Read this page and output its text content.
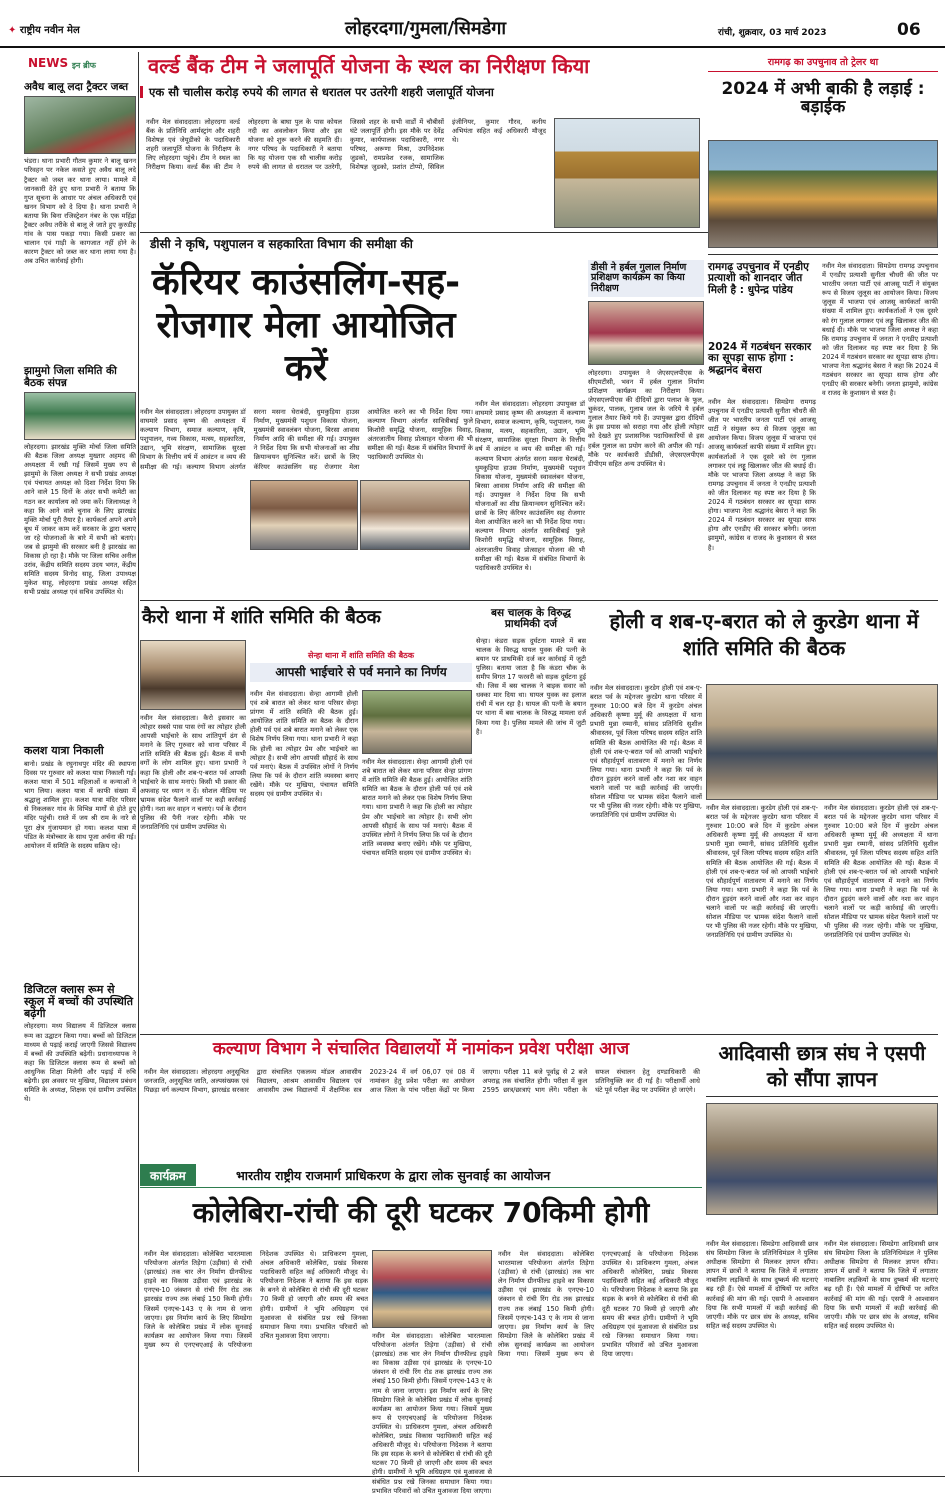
✦ राष्ट्रीय नवीन मेल	लोहरदगा/गुमला/सिमडेगा	रांची, शुक्रवार, 03 मार्च 2023	06
NEWS इन ब्रीफ
अवैध बालू लदा ट्रैक्टर जब्त
भंडरा। थाना प्रभारी गौतम कुमार ने बालू खनन परिवहन पर नकेल कसते हुए अवैध बालू लदे ट्रैक्टर को जब्त कर थाना लाया। मामले में जानकारी देते हुए थाना प्रभारी ने बताया कि गुप्त सूचना के आधार पर अंचल अधिकारी एवं खनन विभाग को दे दिया है। थाना प्रभारी ने बताया कि बिना रजिस्ट्रेशन नंबर के एक महिंद्रा ट्रैक्टर अवैध तरीके से बालू ले जाते हुए कुरुडीह गांव के पास पकड़ा गया। किसी प्रकार का चालान एवं गाड़ी के कागजात नहीं होने के कारण ट्रैक्टर को जब्त कर थाना लाया गया है। अब उचित कार्रवाई होगी।
झामुमो जिला समिति की बैठक संपन्न
लोहरदगा। झारखंड मुक्ति मोर्चा जिला समिति की बैठक जिला अध्यक्ष मुख्तार अहमद की अध्यक्षता में रखी गई जिसमें मुख्य रुप से झामुमो के जिला अध्यक्ष ने सभी प्रखंड अध्यक्ष एवं पंचायत अध्यक्ष को दिशा निर्देश दिया कि आने वाले 15 दिनों के अंदर सभी कमेटी का गठन कर कार्यालय को जमा करें। जिलाध्यक्ष ने कहा कि आने वाले चुनाव के लिए झारखंड मुक्ति मोर्चा पूरी तैयार है। कार्यकर्ता अपने अपने बूथ में जाकर काम करें सरकार के द्वारा चलाए जा रहे योजनाओं के बारे में सभी को बताएं। जब से झामुमो की सरकार बनी है झारखंड का विकास हो रहा है। मौके पर जिला सचिव अनील उरांव, केंद्रीय समिति सदस्य उदय भगत, केंद्रीय समिति सदस्य विनोद साहू, जिला उपाध्यक्ष मुकेश साहू, लोहरदगा प्रखंड अध्यक्ष सहित सभी प्रखंड अध्यक्ष एवं सचिव उपस्थित थे।
कलश यात्रा निकाली
बानो। प्रखंड के रघुनाथपुर मंदिर की स्थापना दिवस पर गुरुवार को कलश यात्रा निकाली गई। कलश यात्रा में 501 महिलाओं व कन्याओं ने भाग लिया। कलश यात्रा में काफी संख्या में श्रद्धालु शामिल हुए। कलश यात्रा मंदिर परिसर से निकलकर गांव के विभिन्न मार्गों से होते हुए मंदिर पहुंची। रास्ते में जय श्री राम के नारे से पूरा क्षेत्र गुंजायमान हो गया। कलश यात्रा में पंडित के मंत्रोच्चार के साथ पूजा अर्चना की गई। आयोजन में समिति के सदस्य सक्रिय रहे।
डिजिटल क्लास रूम से स्कूल में बच्चों की उपस्थिति बढ़ेगी
लोहरदगा। मध्य विद्यालय में डिजिटल क्लास रूम का उद्घाटन किया गया। बच्चों को डिजिटल माध्यम से पढ़ाई कराई जाएगी जिससे विद्यालय में बच्चों की उपस्थिति बढ़ेगी। प्रधानाध्यापक ने कहा कि डिजिटल क्लास रूम से बच्चों को आधुनिक शिक्षा मिलेगी और पढ़ाई में रुचि बढ़ेगी। इस अवसर पर मुखिया, विद्यालय प्रबंधन समिति के अध्यक्ष, शिक्षक एवं ग्रामीण उपस्थित थे।
वर्ल्ड बैंक टीम ने जलापूर्ति योजना के स्थल का निरीक्षण किया
एक सौ चालीस करोड़ रुपये की लागत से धरातल पर उतरेगी शहरी जलापूर्ति योजना
नवीन मेल संवाददाता। लोहरदगा वर्ल्ड बैंक के प्रतिनिधि आर्मस्ट्रांग और शहरी विशेषज्ञ एवं जेयूडीको के पदाधिकारी शहरी जलापूर्ति योजना के निरीक्षण के लिए लोहरदगा पहुंचे। टीम ने स्थल का निरीक्षण किया। वर्ल्ड बैंक की टीम ने लोहरदगा के बाघा पुल के पास कोयल नदी का अवलोकन किया और इस योजना को शुरू करने की सहमति दी। नगर परिषद के पदाधिकारी ने बताया कि यह योजना एक सौ चालीस करोड़ रुपये की लागत से धरातल पर उतरेगी, जिससे शहर के सभी वार्डों में चौबीसों घंटे जलापूर्ति होगी। इस मौके पर देवेंद्र कुमार, कार्यपालक पदाधिकारी, नगर परिषद, अरूणा मिश्रा, उपनिदेशक जुडको, रामप्रवेश रजक, सामाजिक विशेषज्ञ जुडको, प्रशांत टोप्पो, सिविल इंजीनियर, कुमार गौरव, कनीय अभियंता सहित कई अधिकारी मौजूद थे।
रामगढ़ का उपचुनाव तो ट्रेलर था
2024 में अभी बाकी है लड़ाई : बड़ाईक
डीसी ने कृषि, पशुपालन व सहकारिता विभाग की समीक्षा की
कॅरियर काउंसलिंग-सह-रोजगार मेला आयोजित करें
नवीन मेल संवाददाता। लोहरदगा उपायुक्त डॉ वाघमारे प्रसाद कृष्ण की अध्यक्षता में कल्याण विभाग, समाज कल्याण, कृषि, पशुपालन, गव्य विकास, मत्स्य, सहकारिता, उद्यान, भूमि संरक्षण, सामाजिक सुरक्षा विभाग के वित्तीय वर्ष में आवंटन व व्यय की समीक्षा की गई। कल्याण विभाग अंतर्गत सरना मसना घेराबंदी, धुमकुड़िया हाउस निर्माण, मुख्यमंत्री पशुधन विकास योजना, मुख्यमंत्री स्वावलंबन योजना, बिरसा आवास निर्माण आदि की समीक्षा की गई। उपायुक्त ने निर्देश दिया कि सभी योजनाओं का शीघ्र क्रियान्वयन सुनिश्चित करें। छात्रों के लिए कॅरियर काउंसलिंग सह रोजगार मेला आयोजित करने का भी निर्देश दिया गया। कल्याण विभाग अंतर्गत सावित्रीबाई फुले किशोरी समृद्धि योजना, सामूहिक विवाह, अंतरजातीय विवाह प्रोत्साहन योजना की भी समीक्षा की गई। बैठक में संबंधित विभागों के पदाधिकारी उपस्थित थे।
नवीन मेल संवाददाता। लोहरदगा उपायुक्त डॉ वाघमारे प्रसाद कृष्ण की अध्यक्षता में कल्याण विभाग, समाज कल्याण, कृषि, पशुपालन, गव्य विकास, मत्स्य, सहकारिता, उद्यान, भूमि संरक्षण, सामाजिक सुरक्षा विभाग के वित्तीय वर्ष में आवंटन व व्यय की समीक्षा की गई। कल्याण विभाग अंतर्गत सरना मसना घेराबंदी, धुमकुड़िया हाउस निर्माण, मुख्यमंत्री पशुधन विकास योजना, मुख्यमंत्री स्वावलंबन योजना, बिरसा आवास निर्माण आदि की समीक्षा की गई। उपायुक्त ने निर्देश दिया कि सभी योजनाओं का शीघ्र क्रियान्वयन सुनिश्चित करें। छात्रों के लिए कॅरियर काउंसलिंग सह रोजगार मेला आयोजित करने का भी निर्देश दिया गया। कल्याण विभाग अंतर्गत सावित्रीबाई फुले किशोरी समृद्धि योजना, सामूहिक विवाह, अंतरजातीय विवाह प्रोत्साहन योजना की भी समीक्षा की गई। बैठक में संबंधित विभागों के पदाधिकारी उपस्थित थे।
डीसी ने हर्बल गुलाल निर्माण प्रशिक्षण कार्यक्रम का किया निरीक्षण
लोहरदगा। उपायुक्त ने जेएसएलपीएस के सीएमटीसी, भवन में हर्बल गुलाल निर्माण प्रशिक्षण कार्यक्रम का निरीक्षण किया। जेएसएलपीएस की दीदियों द्वारा पलाश के फूल, चुकंदर, पालक, गुलाब जल के जरिये ये हर्बल गुलाल तैयार किये गये हैं। उपायुक्त द्वारा दीदियों के इस प्रयास को सराहा गया और होली त्योहार को देखते हुए प्रशासनिक पदाधिकारियों से इस हर्बल गुलाल का प्रयोग करने की अपील की गई। मौके पर कार्यकारी डीडीसी, जेएसएलपीएस डीपीएम सहित अन्य उपस्थित थे।
रामगढ़ उपचुनाव में एनडीए प्रत्याशी को शानदार जीत मिली है : धुपेन्द्र पांडेय
2024 में गठबंधन सरकार का सूपड़ा साफ होगा : श्रद्धानंद बेसरा
नवीन मेल संवाददाता। सिमडेगा रामगढ़ उपचुनाव में एनडीए प्रत्याशी सुनीता चौधरी की जीत पर भारतीय जनता पार्टी एवं आजसू पार्टी ने संयुक्त रूप से विजय जुलूस का आयोजन किया। विजय जुलूस में भाजपा एवं आजसू कार्यकर्ता काफी संख्या में शामिल हुए। कार्यकर्ताओं ने एक दूसरे को रंग गुलाल लगाकर एवं लड्डू खिलाकर जीत की बधाई दी। मौके पर भाजपा जिला अध्यक्ष ने कहा कि रामगढ़ उपचुनाव में जनता ने एनडीए प्रत्याशी को जीत दिलाकर यह स्पष्ट कर दिया है कि 2024 में गठबंधन सरकार का सूपड़ा साफ होगा। भाजपा नेता श्रद्धानंद बेसरा ने कहा कि 2024 में गठबंधन सरकार का सूपड़ा साफ होगा और एनडीए की सरकार बनेगी। जनता झामुमो, कांग्रेस व राजद के कुशासन से त्रस्त है।
नवीन मेल संवाददाता। सिमडेगा रामगढ़ उपचुनाव में एनडीए प्रत्याशी सुनीता चौधरी की जीत पर भारतीय जनता पार्टी एवं आजसू पार्टी ने संयुक्त रूप से विजय जुलूस का आयोजन किया। विजय जुलूस में भाजपा एवं आजसू कार्यकर्ता काफी संख्या में शामिल हुए। कार्यकर्ताओं ने एक दूसरे को रंग गुलाल लगाकर एवं लड्डू खिलाकर जीत की बधाई दी। मौके पर भाजपा जिला अध्यक्ष ने कहा कि रामगढ़ उपचुनाव में जनता ने एनडीए प्रत्याशी को जीत दिलाकर यह स्पष्ट कर दिया है कि 2024 में गठबंधन सरकार का सूपड़ा साफ होगा। भाजपा नेता श्रद्धानंद बेसरा ने कहा कि 2024 में गठबंधन सरकार का सूपड़ा साफ होगा और एनडीए की सरकार बनेगी। जनता झामुमो, कांग्रेस व राजद के कुशासन से त्रस्त है।
कैरो थाना में शांति समिति की बैठक
नवीन मेल संवाददाता। कैरो इसवार का त्योहार सबसे पास पास रंगों का त्योहार होली आपसी भाईचारे के साथ शांतिपूर्ण ढंग से मनाने के लिए गुरुवार को थाना परिसर में शांति समिति की बैठक हुई। बैठक में सभी वर्गों के लोग शामिल हुए। थाना प्रभारी ने कहा कि होली और शब-ए-बरात पर्व आपसी भाईचारे के साथ मनाएं। किसी भी प्रकार की अफवाह पर ध्यान न दें। सोशल मीडिया पर भ्रामक संदेश फैलाने वालों पर कड़ी कार्रवाई होगी। नशा कर वाहन न चलाएं। पर्व के दौरान पुलिस की पैनी नजर रहेगी। मौके पर जनप्रतिनिधि एवं ग्रामीण उपस्थित थे।
सेन्हा थाना में शांति समिति की बैठक
आपसी भाईचारे से पर्व मनाने का निर्णय
नवीन मेल संवाददाता। सेन्हा आगामी होली एवं शबे बारात को लेकर थाना परिसर सेन्हा प्रांगण में शांति समिति की बैठक हुई। आयोजित शांति समिति का बैठक के दौरान होली पर्व एवं शबे बारात मनाने को लेकर एक विशेष निर्णय लिया गया। थाना प्रभारी ने कहा कि होली का त्योहार प्रेम और भाईचारे का त्योहार है। सभी लोग आपसी सौहार्द के साथ पर्व मनाएं। बैठक में उपस्थित लोगों ने निर्णय लिया कि पर्व के दौरान शांति व्यवस्था बनाए रखेंगे। मौके पर मुखिया, पंचायत समिति सदस्य एवं ग्रामीण उपस्थित थे।
नवीन मेल संवाददाता। सेन्हा आगामी होली एवं शबे बारात को लेकर थाना परिसर सेन्हा प्रांगण में शांति समिति की बैठक हुई। आयोजित शांति समिति का बैठक के दौरान होली पर्व एवं शबे बारात मनाने को लेकर एक विशेष निर्णय लिया गया। थाना प्रभारी ने कहा कि होली का त्योहार प्रेम और भाईचारे का त्योहार है। सभी लोग आपसी सौहार्द के साथ पर्व मनाएं। बैठक में उपस्थित लोगों ने निर्णय लिया कि पर्व के दौरान शांति व्यवस्था बनाए रखेंगे। मौके पर मुखिया, पंचायत समिति सदस्य एवं ग्रामीण उपस्थित थे।
बस चालक के विरुद्ध प्राथमिकी दर्ज
सेन्हा। कंडरा सड़क दुर्घटना मामले में बस चालक के विरुद्ध घायल युवक की पत्नी के बयान पर प्राथमिकी दर्ज कर कार्रवाई में जुटी पुलिस। बताया जाता है कि कंडरा चौक के समीप विगत 17 फरवरी को सड़क दुर्घटना हुई थी। जिस में बस चालक ने बाइक सवार को धक्का मार दिया था। घायल युवक का इलाज रांची में चल रहा है। घायल की पत्नी के बयान पर थाना में बस चालक के विरुद्ध मामला दर्ज किया गया है। पुलिस मामले की जांच में जुटी है।
होली व शब-ए-बरात को ले कुरडेग थाना में शांति समिति की बैठक
नवीन मेल संवाददाता। कुरडेग होली एवं शब-ए-बरात पर्व के मद्देनजर कुरडेग थाना परिसर में गुरुवार 10:00 बजे दिन में कुरडेग अंचल अधिकारी कृष्णा मुर्मू की अध्यक्षता में थाना प्रभारी मुन्ना रम्मानी, सांसद प्रतिनिधि सुशील श्रीवास्तव, पूर्व जिला परिषद सदस्य सहित शांति समिति की बैठक आयोजित की गई। बैठक में होली एवं शब-ए-बरात पर्व को आपसी भाईचारे एवं सौहार्दपूर्ण वातावरण में मनाने का निर्णय लिया गया। थाना प्रभारी ने कहा कि पर्व के दौरान हुड़दंग करने वालों और नशा कर वाहन चलाने वालों पर कड़ी कार्रवाई की जाएगी। सोशल मीडिया पर भ्रामक संदेश फैलाने वालों पर भी पुलिस की नजर रहेगी। मौके पर मुखिया, जनप्रतिनिधि एवं ग्रामीण उपस्थित थे।
नवीन मेल संवाददाता। कुरडेग होली एवं शब-ए-बरात पर्व के मद्देनजर कुरडेग थाना परिसर में गुरुवार 10:00 बजे दिन में कुरडेग अंचल अधिकारी कृष्णा मुर्मू की अध्यक्षता में थाना प्रभारी मुन्ना रम्मानी, सांसद प्रतिनिधि सुशील श्रीवास्तव, पूर्व जिला परिषद सदस्य सहित शांति समिति की बैठक आयोजित की गई। बैठक में होली एवं शब-ए-बरात पर्व को आपसी भाईचारे एवं सौहार्दपूर्ण वातावरण में मनाने का निर्णय लिया गया। थाना प्रभारी ने कहा कि पर्व के दौरान हुड़दंग करने वालों और नशा कर वाहन चलाने वालों पर कड़ी कार्रवाई की जाएगी। सोशल मीडिया पर भ्रामक संदेश फैलाने वालों पर भी पुलिस की नजर रहेगी। मौके पर मुखिया, जनप्रतिनिधि एवं ग्रामीण उपस्थित थे।
नवीन मेल संवाददाता। कुरडेग होली एवं शब-ए-बरात पर्व के मद्देनजर कुरडेग थाना परिसर में गुरुवार 10:00 बजे दिन में कुरडेग अंचल अधिकारी कृष्णा मुर्मू की अध्यक्षता में थाना प्रभारी मुन्ना रम्मानी, सांसद प्रतिनिधि सुशील श्रीवास्तव, पूर्व जिला परिषद सदस्य सहित शांति समिति की बैठक आयोजित की गई। बैठक में होली एवं शब-ए-बरात पर्व को आपसी भाईचारे एवं सौहार्दपूर्ण वातावरण में मनाने का निर्णय लिया गया। थाना प्रभारी ने कहा कि पर्व के दौरान हुड़दंग करने वालों और नशा कर वाहन चलाने वालों पर कड़ी कार्रवाई की जाएगी। सोशल मीडिया पर भ्रामक संदेश फैलाने वालों पर भी पुलिस की नजर रहेगी। मौके पर मुखिया, जनप्रतिनिधि एवं ग्रामीण उपस्थित थे।
कल्याण विभाग ने संचालित विद्यालयों में नामांकन प्रवेश परीक्षा आज
नवीन मेल संवाददाता। लोहरदगा अनुसूचित जनजाति, अनुसूचित जाति, अल्पसंख्यक एवं पिछड़ा वर्ग कल्याण विभाग, झारखंड सरकार द्वारा संचालित एकलव्य मॉडल आवासीय विद्यालय, आश्रम आवासीय विद्यालय एवं आवासीय उच्च विद्यालयों में शैक्षणिक सत्र 2023-24 में वर्ग 06,07 एवं 08 में नामांकन हेतु प्रवेश परीक्षा का आयोजन आज जिला के पांच परीक्षा केंद्रों पर किया जाएगा। परीक्षा 11 बजे पूर्वाह्न से 2 बजे अपराह्न तक संचालित होगी। परीक्षा में कुल 2595 छात्र/छात्राएं भाग लेंगे। परीक्षा के सफल संचालन हेतु दण्डाधिकारी की प्रतिनियुक्ति कर दी गई है। परीक्षार्थी आधे घंटे पूर्व परीक्षा केंद्र पर उपस्थित हो जाएंगे।
आदिवासी छात्र संघ ने एसपी को सौंपा ज्ञापन
नवीन मेल संवाददाता। सिमडेगा आदिवासी छात्र संघ सिमडेगा जिला के प्रतिनिधिमंडल ने पुलिस अधीक्षक सिमडेगा से मिलकर ज्ञापन सौंपा। ज्ञापन में छात्रों ने बताया कि जिले में लगातार नाबालिग लड़कियों के साथ दुष्कर्म की घटनाएं बढ़ रही हैं। ऐसे मामलों में दोषियों पर त्वरित कार्रवाई की मांग की गई। एसपी ने आश्वासन दिया कि सभी मामलों में कड़ी कार्रवाई की जाएगी। मौके पर छात्र संघ के अध्यक्ष, सचिव सहित कई सदस्य उपस्थित थे।
नवीन मेल संवाददाता। सिमडेगा आदिवासी छात्र संघ सिमडेगा जिला के प्रतिनिधिमंडल ने पुलिस अधीक्षक सिमडेगा से मिलकर ज्ञापन सौंपा। ज्ञापन में छात्रों ने बताया कि जिले में लगातार नाबालिग लड़कियों के साथ दुष्कर्म की घटनाएं बढ़ रही हैं। ऐसे मामलों में दोषियों पर त्वरित कार्रवाई की मांग की गई। एसपी ने आश्वासन दिया कि सभी मामलों में कड़ी कार्रवाई की जाएगी। मौके पर छात्र संघ के अध्यक्ष, सचिव सहित कई सदस्य उपस्थित थे।
कार्यक्रम	भारतीय राष्ट्रीय राजमार्ग प्राधिकरण के द्वारा लोक सुनवाई का आयोजन
कोलेबिरा-रांची की दूरी घटकर 70किमी होगी
नवीन मेल संवाददाता। कोलेबिरा भारतमाला परियोजना अंतर्गत तिड़ेगा (उड़ीसा) से रांची (झारखंड) तक चार लेन निर्माण ग्रीनफील्ड हाइवे का विकास उड़ीसा एवं झारखंड के एनएच-10 जंक्शन से रांची रिंग रोड तक झारखंड राज्य तक लंबाई 150 किमी होगी। जिसमें एनएच-143 ए के नाम से जाना जाएगा। इस निर्माण कार्य के लिए सिमडेगा जिले के कोलेबिरा प्रखंड में लोक सुनवाई कार्यक्रम का आयोजन किया गया। जिसमें मुख्य रूप से एनएचएआई के परियोजना निदेशक उपस्थित थे। प्राधिकरण गुमला, अंचल अधिकारी कोलेबिरा, प्रखंड विकास पदाधिकारी सहित कई अधिकारी मौजूद थे। परियोजना निदेशक ने बताया कि इस सड़क के बनने से कोलेबिरा से रांची की दूरी घटकर 70 किमी हो जाएगी और समय की बचत होगी। ग्रामीणों ने भूमि अधिग्रहण एवं मुआवजा से संबंधित प्रश्न रखे जिनका समाधान किया गया। प्रभावित परिवारों को उचित मुआवजा दिया जाएगा।	नवीन मेल संवाददाता। कोलेबिरा भारतमाला परियोजना अंतर्गत तिड़ेगा (उड़ीसा) से रांची (झारखंड) तक चार लेन निर्माण ग्रीनफील्ड हाइवे का विकास उड़ीसा एवं झारखंड के एनएच-10 जंक्शन से रांची रिंग रोड तक झारखंड राज्य तक लंबाई 150 किमी होगी। जिसमें एनएच-143 ए के नाम से जाना जाएगा। इस निर्माण कार्य के लिए सिमडेगा जिले के कोलेबिरा प्रखंड में लोक सुनवाई कार्यक्रम का आयोजन किया गया। जिसमें मुख्य रूप से एनएचएआई के परियोजना निदेशक उपस्थित थे। प्राधिकरण गुमला, अंचल अधिकारी कोलेबिरा, प्रखंड विकास पदाधिकारी सहित कई अधिकारी मौजूद थे। परियोजना निदेशक ने बताया कि इस सड़क के बनने से कोलेबिरा से रांची की दूरी घटकर 70 किमी हो जाएगी और समय की बचत होगी। ग्रामीणों ने भूमि अधिग्रहण एवं मुआवजा से संबंधित प्रश्न रखे जिनका समाधान किया गया। प्रभावित परिवारों को उचित मुआवजा दिया जाएगा।
नवीन मेल संवाददाता। कोलेबिरा भारतमाला परियोजना अंतर्गत तिड़ेगा (उड़ीसा) से रांची (झारखंड) तक चार लेन निर्माण ग्रीनफील्ड हाइवे का विकास उड़ीसा एवं झारखंड के एनएच-10 जंक्शन से रांची रिंग रोड तक झारखंड राज्य तक लंबाई 150 किमी होगी। जिसमें एनएच-143 ए के नाम से जाना जाएगा। इस निर्माण कार्य के लिए सिमडेगा जिले के कोलेबिरा प्रखंड में लोक सुनवाई कार्यक्रम का आयोजन किया गया। जिसमें मुख्य रूप से एनएचएआई के परियोजना निदेशक उपस्थित थे। प्राधिकरण गुमला, अंचल अधिकारी कोलेबिरा, प्रखंड विकास पदाधिकारी सहित कई अधिकारी मौजूद थे। परियोजना निदेशक ने बताया कि इस सड़क के बनने से कोलेबिरा से रांची की दूरी घटकर 70 किमी हो जाएगी और समय की बचत होगी। ग्रामीणों ने भूमि अधिग्रहण एवं मुआवजा से संबंधित प्रश्न रखे जिनका समाधान किया गया। प्रभावित परिवारों को उचित मुआवजा दिया जाएगा।
